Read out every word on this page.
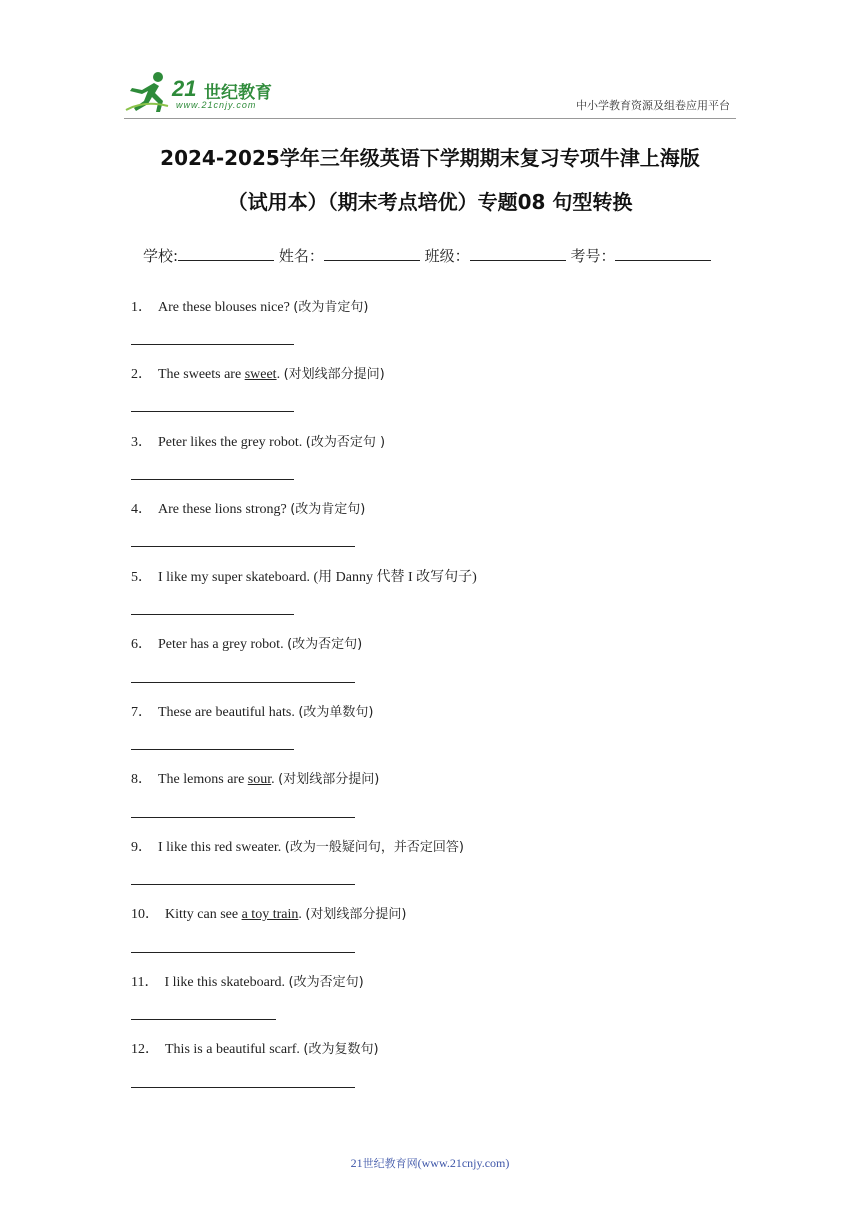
21 世纪教育
www.21cnjy.com	中小学教育资源及组卷应用平台
2024-2025学年三年级英语下学期期末复习专项牛津上海版
（试用本）（期末考点培优）专题08 句型转换
学校:	姓名：	班级：	考号：
1． Are these blouses nice? (改为肯定句)
2． The sweets are sweet. (对划线部分提问)
3． Peter likes the grey robot. (改为否定句 )
4． Are these lions strong? (改为肯定句)
5． I like my super skateboard. (用 Danny 代替 I 改写句子)
6． Peter has a grey robot. (改为否定句)
7． These are beautiful hats. (改为单数句)
8． The lemons are sour. (对划线部分提问)
9． I like this red sweater. (改为一般疑问句，并否定回答)
10． Kitty can see a toy train. (对划线部分提问)
11． I like this skateboard. (改为否定句)
12． This is a beautiful scarf. (改为复数句)
21世纪教育网(www.21cnjy.com)
